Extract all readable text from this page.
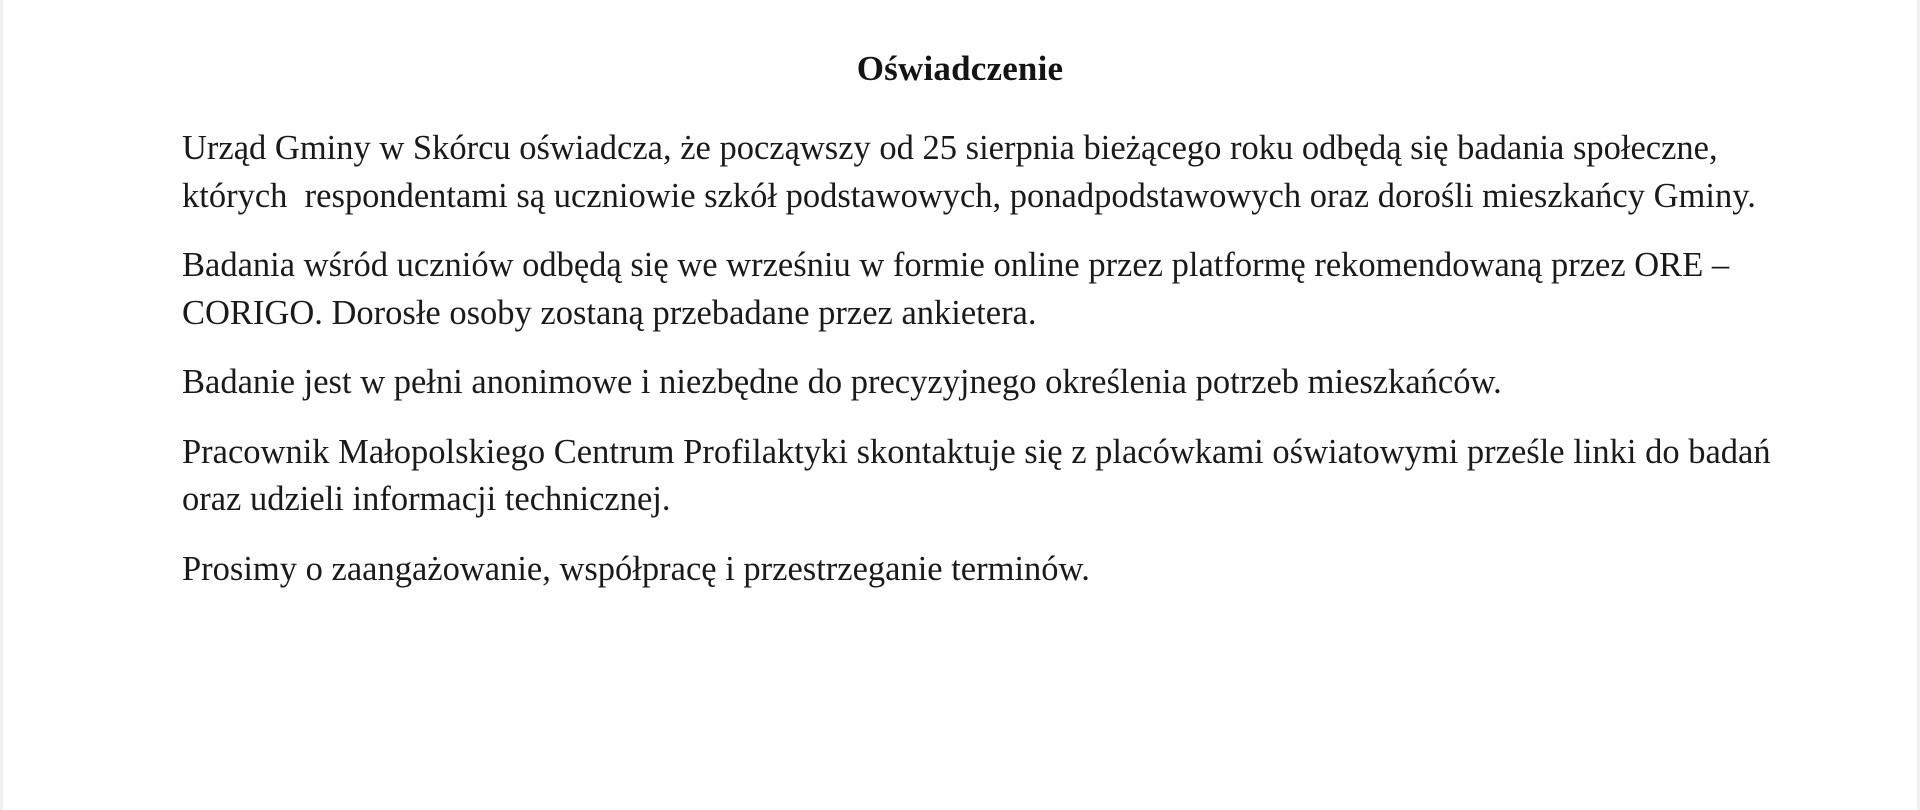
Oświadczenie

Urząd Gminy w Skórcu oświadcza, że począwszy od 25 sierpnia bieżącego roku odbędą się badania społeczne, których  respondentami są uczniowie szkół podstawowych, ponadpodstawowych oraz dorośli mieszkańcy Gminy.

Badania wśród uczniów odbędą się we wrześniu w formie online przez platformę rekomendowaną przez ORE – CORIGO. Dorosłe osoby zostaną przebadane przez ankietera.

Badanie jest w pełni anonimowe i niezbędne do precyzyjnego określenia potrzeb mieszkańców.

Pracownik Małopolskiego Centrum Profilaktyki skontaktuje się z placówkami oświatowymi prześle linki do badań oraz udzieli informacji technicznej.

Prosimy o zaangażowanie, współpracę i przestrzeganie terminów.
